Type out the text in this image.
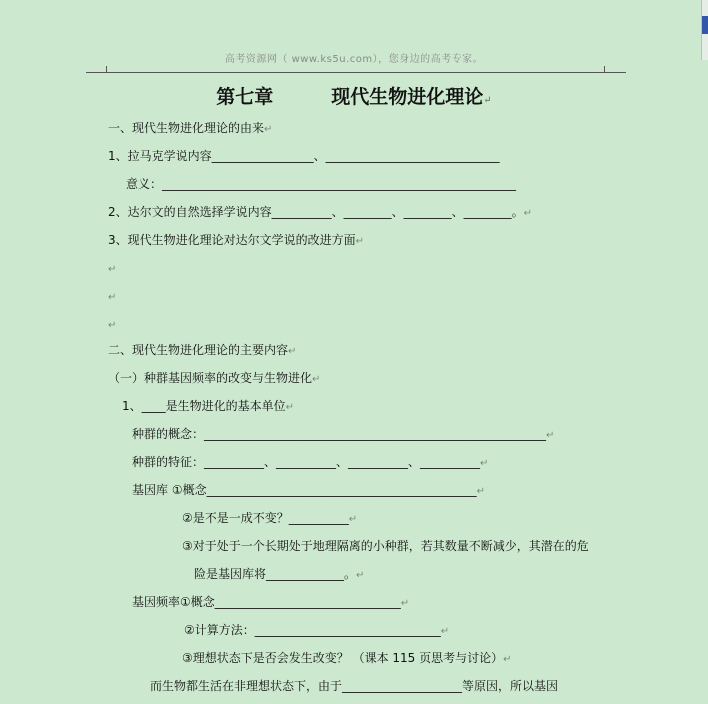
高考资源网（ www.ks5u.com），您身边的高考专家。
第七章	现代生物进化理论↵
一、现代生物进化理论的由来↵
1、拉马克学说内容_________________、_____________________________
意义：___________________________________________________________
2、达尔文的自然选择学说内容__________、________、________、________。↵
3、现代生物进化理论对达尔文学说的改进方面↵
↵
↵
↵
二、现代生物进化理论的主要内容↵
（一）种群基因频率的改变与生物进化↵
1、____是生物进化的基本单位↵
种群的概念：_________________________________________________________↵
种群的特征：__________、__________、__________、__________↵
基因库 ①概念_____________________________________________↵
②是不是一成不变？__________↵
③对于处于一个长期处于地理隔离的小种群，若其数量不断减少，其潜在的危
险是基因库将_____________。↵
基因频率①概念_______________________________↵
②计算方法：_______________________________↵
③理想状态下是否会发生改变？ （课本 115 页思考与讨论）↵
而生物都生活在非理想状态下，由于____________________等原因，所以基因
